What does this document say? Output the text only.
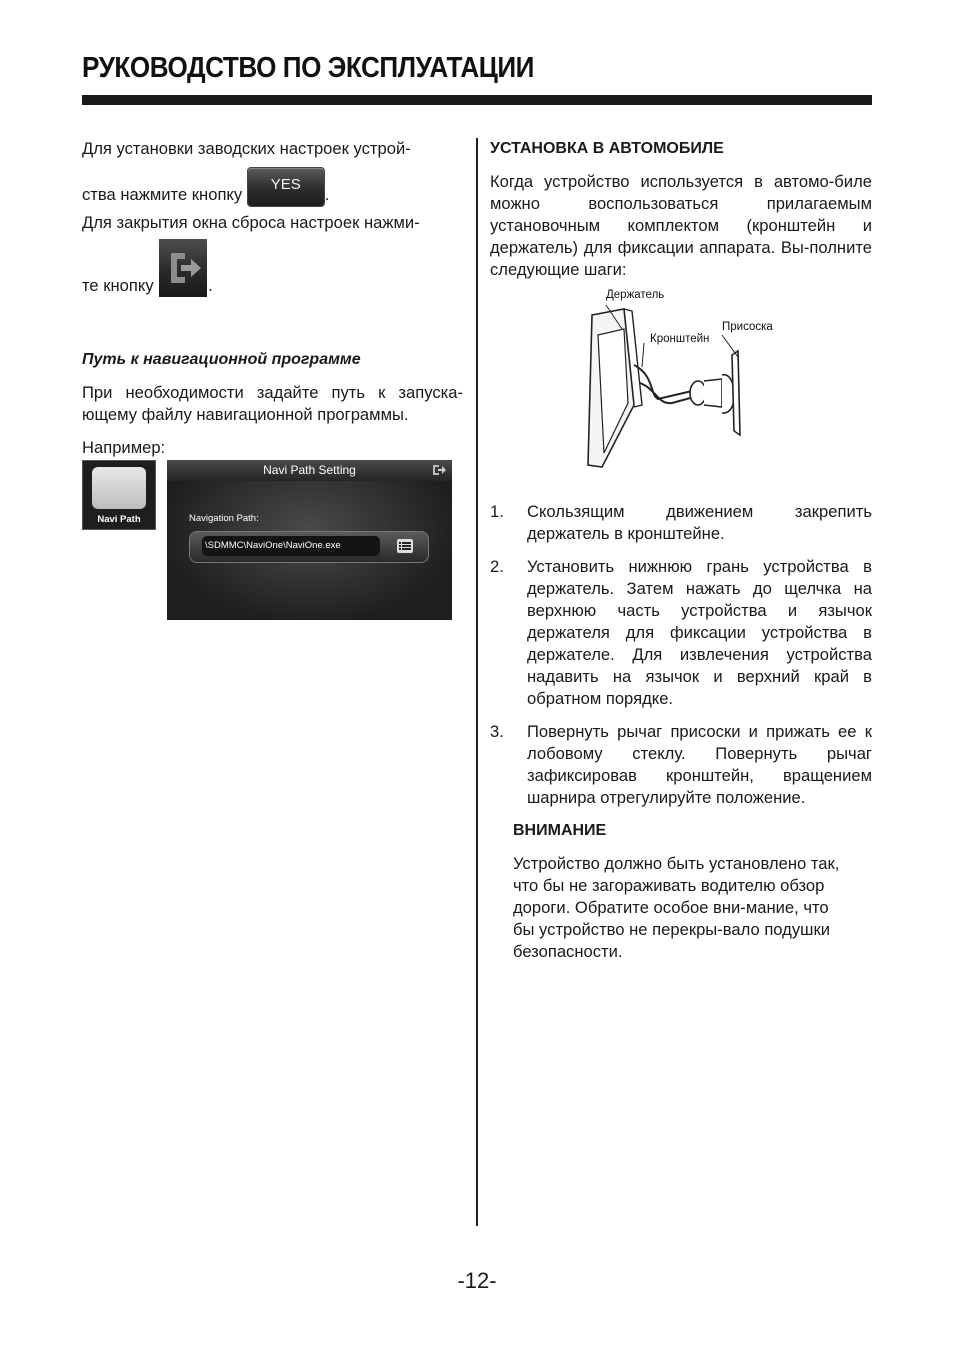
РУКОВОДСТВО ПО ЭКСПЛУАТАЦИИ

Для установки заводских настроек устрой-

ства нажмите кнопку YES.

Для закрытия окна сброса настроек нажми-

те кнопку	.

Путь к навигационной программе

При необходимости задайте путь к запуска-ющему файлу навигационной программы.

Например:

Navi Path
Navi Path Setting
Navigation Path:
\SDMMC\NaviOne\NaviOne.exe

УСТАНОВКА В АВТОМОБИЛЕ

Когда устройство используется в автомо-биле можно воспользоваться прилагаемым установочным комплектом (кронштейн и держатель) для фиксации аппарата. Вы-полните следующие шаги:

Держатель
Кронштейн
Присоска
1. Скользящим движением закрепить держатель в кронштейне.
2. Установить нижнюю грань устройства в держатель. Затем нажать до щелчка на верхнюю часть устройства и язычок держателя для фиксации устройства в держателе. Для извлечения устройства надавить на язычок и верхний край в обратном порядке.
3. Повернуть рычаг присоски и прижать ее к лобовому стеклу. Повернуть рычаг зафиксировав кронштейн, вращением шарнира отрегулируйте положение.

ВНИМАНИЕ

Устройство должно быть установлено так, что бы не загораживать водителю обзор дороги. Обратите особое вни-мание, что бы устройство не перекры-вало подушки безопасности.

-12-
